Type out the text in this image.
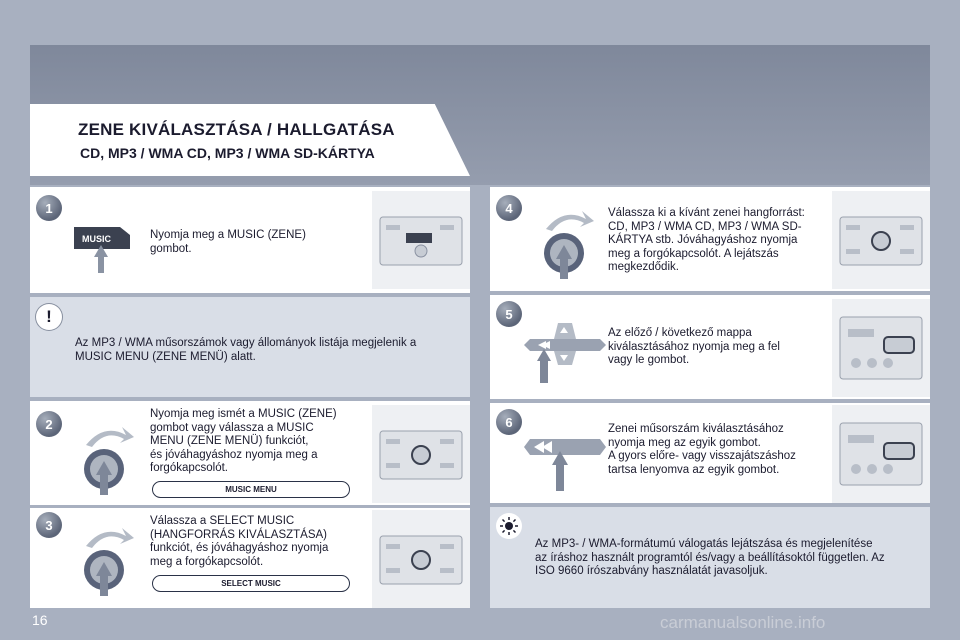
ZENE KIVÁLASZTÁSA / HALLGATÁSA
CD, MP3 / WMA CD, MP3 / WMA SD-KÁRTYA
1
MUSIC	Nyomja meg a MUSIC (ZENE)
gombot.
!
Az MP3 / WMA műsorszámok vagy állományok listája megjelenik a
MUSIC MENU (ZENE MENÜ) alatt.
2
Nyomja meg ismét a MUSIC (ZENE)
gombot vagy válassza a MUSIC
MENU (ZENE MENÜ) funkciót,
és jóváhagyáshoz nyomja meg a
forgókapcsolót.
MUSIC MENU
3	Válassza a SELECT MUSIC
(HANGFORRÁS KIVÁLASZTÁSA)
funkciót, és jóváhagyáshoz nyomja
meg a forgókapcsolót.
SELECT MUSIC
4	Válassza ki a kívánt zenei hangforrást:
CD, MP3 / WMA CD, MP3 / WMA SD-
KÁRTYA stb. Jóváhagyáshoz nyomja
meg a forgókapcsolót. A lejátszás
megkezdődik.
5
Az előző / következő mappa
kiválasztásához nyomja meg a fel
vagy le gombot.
6	Zenei műsorszám kiválasztásához
nyomja meg az egyik gombot.
A gyors előre- vagy visszajátszáshoz
tartsa lenyomva az egyik gombot.
Az MP3- / WMA-formátumú válogatás lejátszása és megjelenítése
az íráshoz használt programtól és/vagy a beállításoktól független. Az
ISO 9660 írószabvány használatát javasoljuk.
16	carmanualsonline.info
